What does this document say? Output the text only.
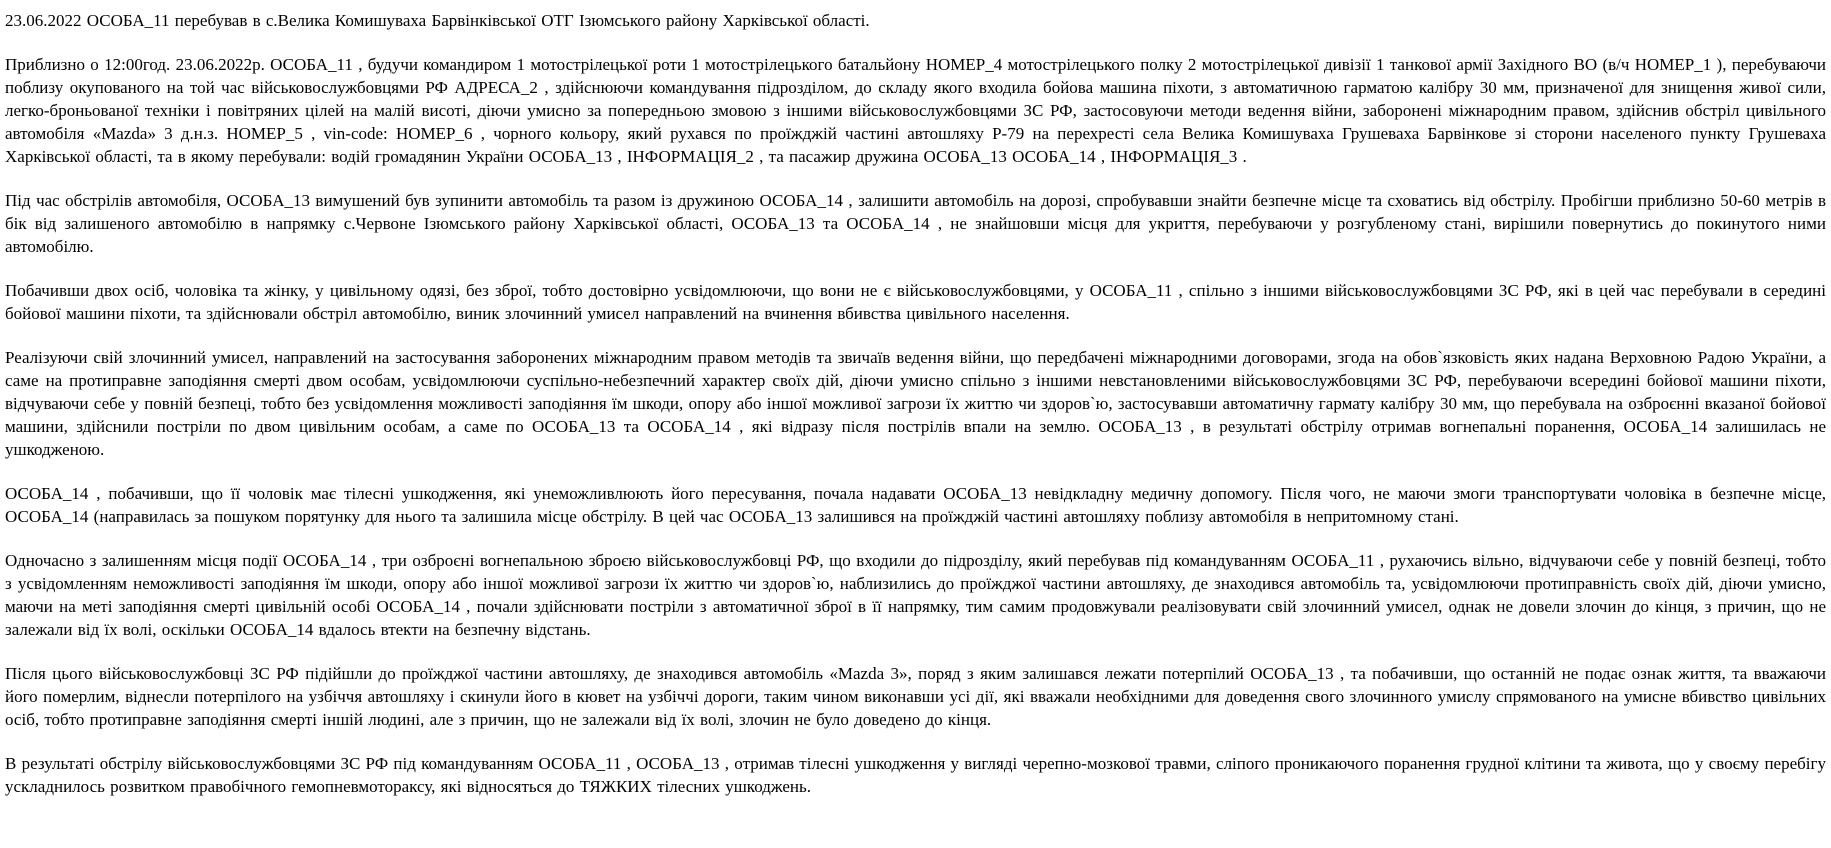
23.06.2022 ОСОБА_11 перебував в с.Велика Комишуваха Барвінківської ОТГ Ізюмського району Харківської області.

Приблизно о 12:00год. 23.06.2022р. ОСОБА_11 , будучи командиром 1 мотострілецької роти 1 мотострілецького батальйону НОМЕР_4 мотострілецького полку 2 мотострілецької дивізії 1 танкової армії Західного ВО (в/ч НОМЕР_1 ), перебуваючи поблизу окупованого на той час військовослужбовцями РФ АДРЕСА_2 , здійснюючи командування підрозділом, до складу якого входила бойова машина піхоти, з автоматичною гарматою калібру 30 мм, призначеної для знищення живої сили, легко-броньованої техніки і повітряних цілей на малій висоті, діючи умисно за попередньою змовою з іншими військовослужбовцями ЗС РФ, застосовуючи методи ведення війни, заборонені міжнародним правом, здійснив обстріл цивільного автомобіля «Mazda» 3 д.н.з. НОМЕР_5 , vin-code: НОМЕР_6 , чорного кольору, який рухався по проїжджій частині автошляху Р-79 на перехресті села Велика Комишуваха Грушеваха Барвінкове зі сторони населеного пункту Грушеваха Харківської області, та в якому перебували: водій громадянин України ОСОБА_13 , ІНФОРМАЦІЯ_2 , та пасажир дружина ОСОБА_13 ОСОБА_14 , ІНФОРМАЦІЯ_3 .

Під час обстрілів автомобіля, ОСОБА_13 вимушений був зупинити автомобіль та разом із дружиною ОСОБА_14 , залишити автомобіль на дорозі, спробувавши знайти безпечне місце та сховатись від обстрілу. Пробігши приблизно 50-60 метрів в бік від залишеного автомобілю в напрямку с.Червоне Ізюмського району Харківської області, ОСОБА_13 та ОСОБА_14 , не знайшовши місця для укриття, перебуваючи у розгубленому стані, вирішили повернутись до покинутого ними автомобілю.

Побачивши двох осіб, чоловіка та жінку, у цивільному одязі, без зброї, тобто достовірно усвідомлюючи, що вони не є військовослужбовцями, у ОСОБА_11 , спільно з іншими військовослужбовцями ЗС РФ, які в цей час перебували в середині бойової машини піхоти, та здійснювали обстріл автомобілю, виник злочинний умисел направлений на вчинення вбивства цивільного населення.

Реалізуючи свій злочинний умисел, направлений на застосування заборонених міжнародним правом методів та звичаїв ведення війни, що передбачені міжнародними договорами, згода на обов`язковість яких надана Верховною Радою України, а саме на протиправне заподіяння смерті двом особам, усвідомлюючи суспільно-небезпечний характер своїх дій, діючи умисно спільно з іншими невстановленими військовослужбовцями ЗС РФ, перебуваючи всередині бойової машини піхоти, відчуваючи себе у повній безпеці, тобто без усвідомлення можливості заподіяння їм шкоди, опору або іншої можливої загрози їх життю чи здоров`ю, застосувавши автоматичну гармату калібру 30 мм, що перебувала на озброєнні вказаної бойової машини, здійснили постріли по двом цивільним особам, а саме по ОСОБА_13 та ОСОБА_14 , які відразу після пострілів впали на землю. ОСОБА_13 , в результаті обстрілу отримав вогнепальні поранення, ОСОБА_14 залишилась не ушкодженою.

ОСОБА_14 , побачивши, що її чоловік має тілесні ушкодження, які унеможливлюють його пересування, почала надавати ОСОБА_13 невідкладну медичну допомогу. Після чого, не маючи змоги транспортувати чоловіка в безпечне місце, ОСОБА_14 (направилась за пошуком порятунку для нього та залишила місце обстрілу. В цей час ОСОБА_13 залишився на проїжджій частині автошляху поблизу автомобіля в непритомному стані.

Одночасно з залишенням місця події ОСОБА_14 , три озброєні вогнепальною зброєю військовослужбовці РФ, що входили до підрозділу, який перебував під командуванням ОСОБА_11 , рухаючись вільно, відчуваючи себе у повній безпеці, тобто з усвідомленням неможливості заподіяння їм шкоди, опору або іншої можливої загрози їх життю чи здоров`ю, наблизились до проїжджої частини автошляху, де знаходився автомобіль та, усвідомлюючи протиправність своїх дій, діючи умисно, маючи на меті заподіяння смерті цивільній особі ОСОБА_14 , почали здійснювати постріли з автоматичної зброї в її напрямку, тим самим продовжували реалізовувати свій злочинний умисел, однак не довели злочин до кінця, з причин, що не залежали від їх волі, оскільки ОСОБА_14 вдалось втекти на безпечну відстань.

Після цього військовослужбовці ЗС РФ підійшли до проїжджої частини автошляху, де знаходився автомобіль «Mazda 3», поряд з яким залишався лежати потерпілий ОСОБА_13 , та побачивши, що останній не подає ознак життя, та вважаючи його померлим, віднесли потерпілого на узбіччя автошляху і скинули його в кювет на узбіччі дороги, таким чином виконавши усі дії, які вважали необхідними для доведення свого злочинного умислу спрямованого на умисне вбивство цивільних осіб, тобто протиправне заподіяння смерті іншій людині, але з причин, що не залежали від їх волі, злочин не було доведено до кінця.

В результаті обстрілу військовослужбовцями ЗС РФ під командуванням ОСОБА_11 , ОСОБА_13 , отримав тілесні ушкодження у вигляді черепно-мозкової травми, сліпого проникаючого поранення грудної клітини та живота, що у своєму перебігу ускладнилось розвитком правобічного гемопневмотораксу, які відносяться до ТЯЖКИХ тілесних ушкоджень.
